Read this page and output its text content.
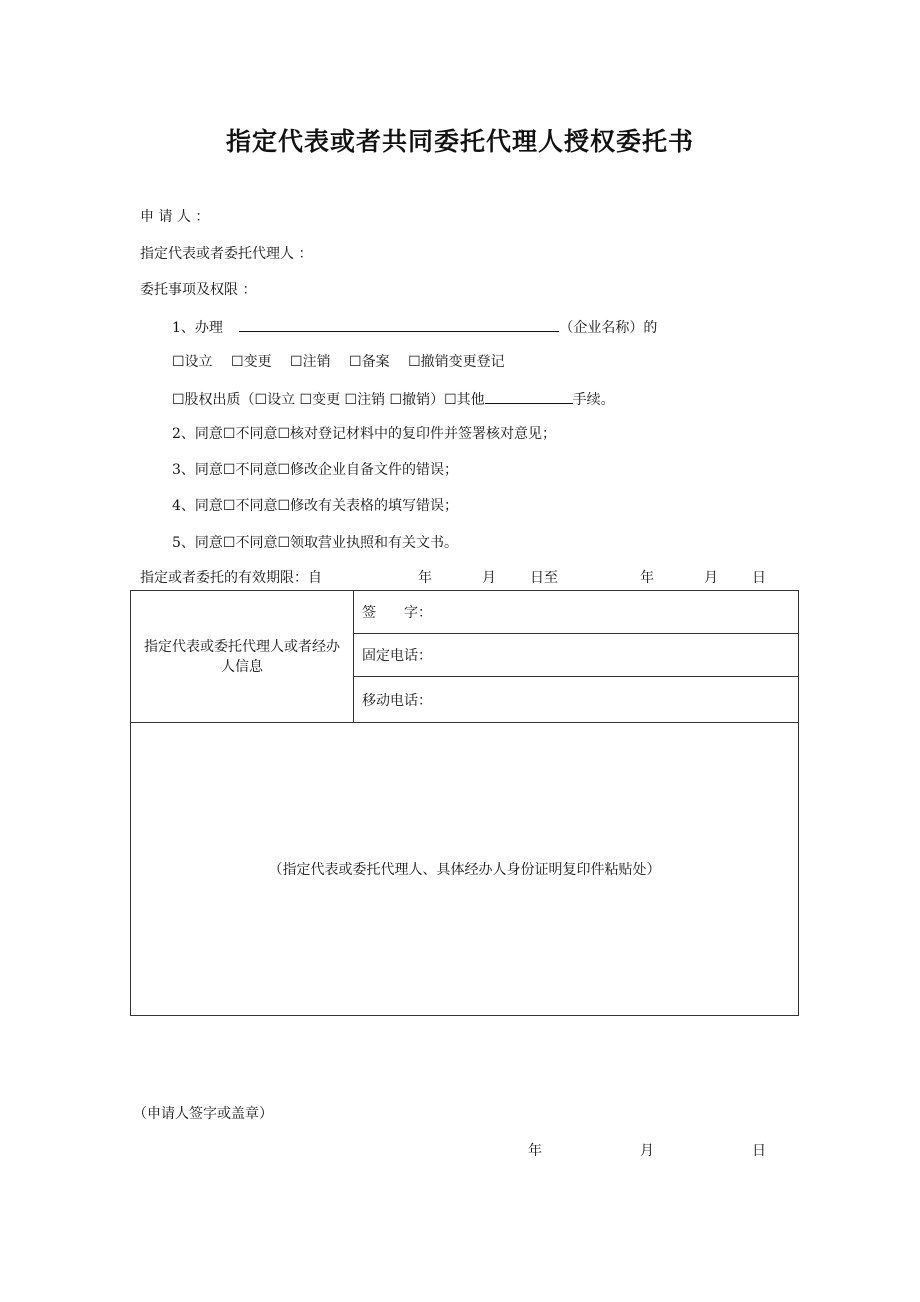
指定代表或者共同委托代理人授权委托书
申 请 人 ：
指定代表或者委托代理人 ：
委托事项及权限 ：
1、办理	（企业名称）的
☐设立 ☐变更 ☐注销 ☐备案 ☐撤销变更登记
☐股权出质（☐设立 ☐变更 ☐注销 ☐撤销）☐其他	手续。
2、同意☐不同意☐核对登记材料中的复印件并签署核对意见；
3、同意☐不同意☐修改企业自备文件的错误；
4、同意☐不同意☐修改有关表格的填写错误；
5、同意☐不同意☐领取营业执照和有关文书。
指定或者委托的有效期限：自	年	月 日至	年	月 日
指定代表或委托代理人或者经办人信息
	签　　字：
固定电话：
移动电话：
（指定代表或委托代理人、具体经办人身份证明复印件粘贴处）
（申请人签字或盖章）
年	月	日
